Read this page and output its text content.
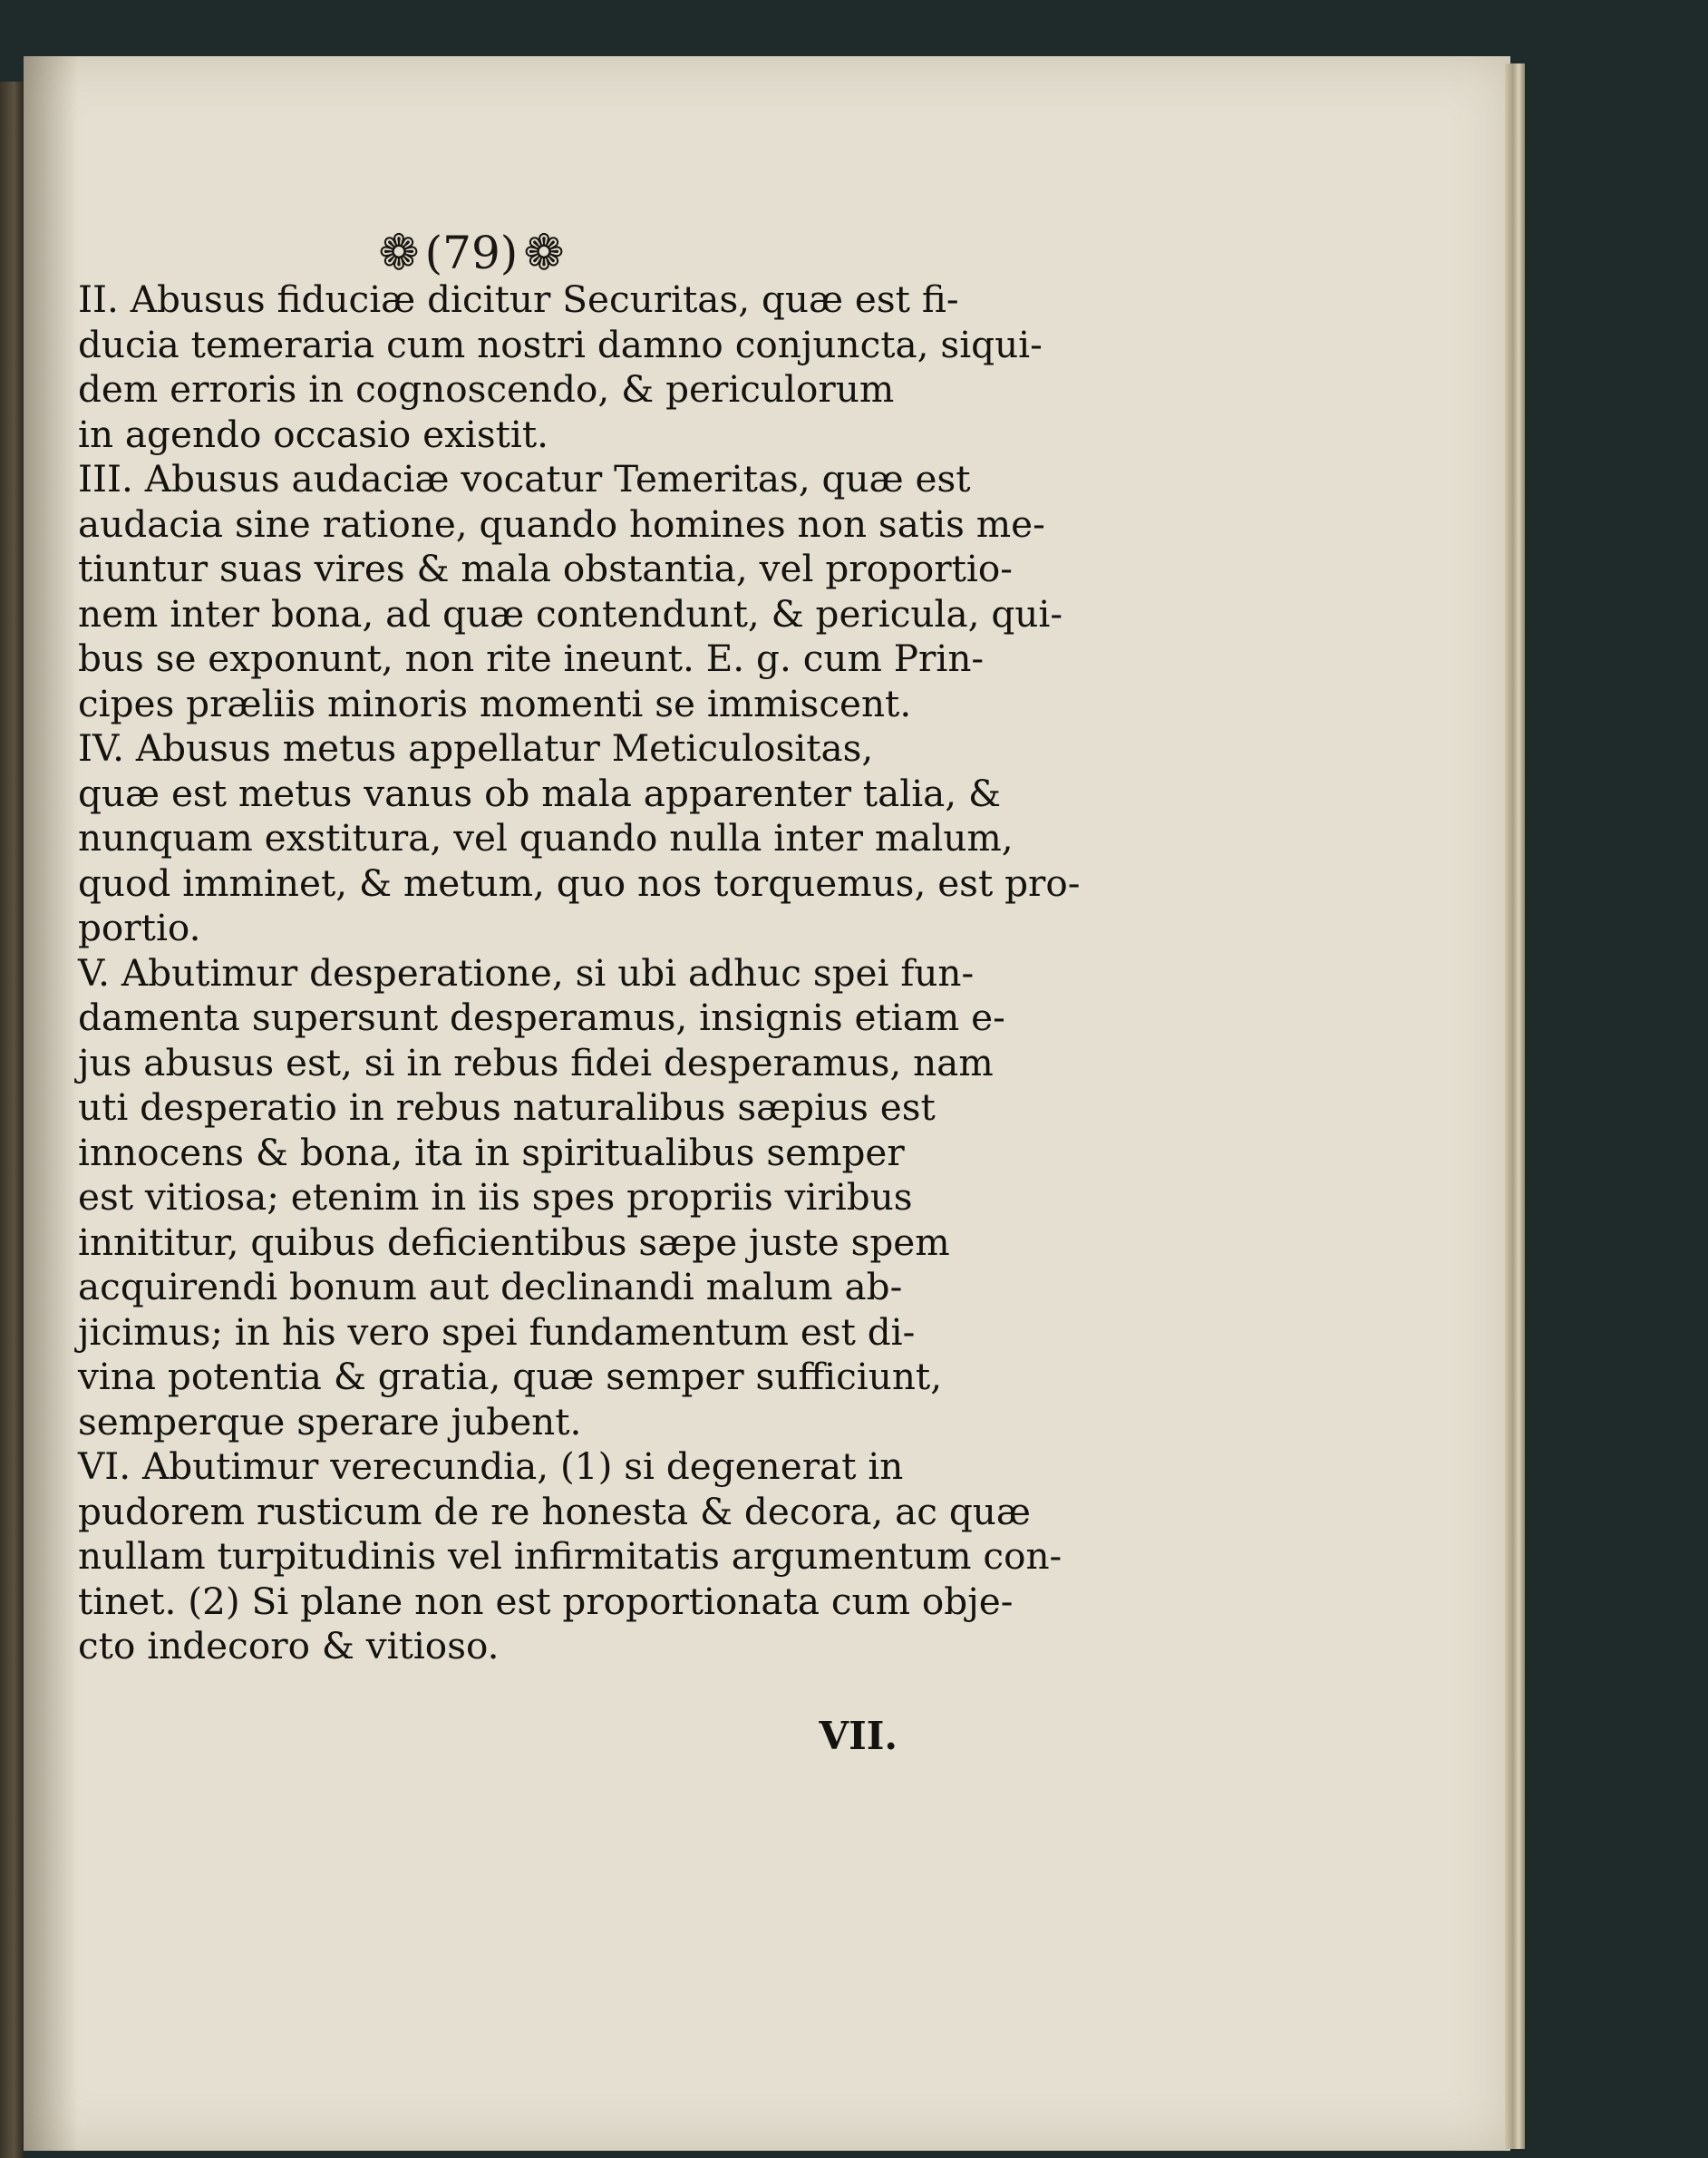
❁ (79) ❁
II. Abusus fiduciæ dicitur Securitas, quæ est fi-
ducia temeraria cum nostri damno conjuncta, siqui-
dem erroris in cognoscendo, & periculorum
in agendo occasio existit.
III. Abusus audaciæ vocatur Temeritas, quæ est
audacia sine ratione, quando homines non satis me-
tiuntur suas vires & mala obstantia, vel proportio-
nem inter bona, ad quæ contendunt, & pericula, qui-
bus se exponunt, non rite ineunt. E. g. cum Prin-
cipes præliis minoris momenti se immiscent.
IV. Abusus metus appellatur Meticulositas,
quæ est metus vanus ob mala apparenter talia, &
nunquam exstitura, vel quando nulla inter malum,
quod imminet, & metum, quo nos torquemus, est pro-
portio.
V. Abutimur desperatione, si ubi adhuc spei fun-
damenta supersunt desperamus, insignis etiam e-
jus abusus est, si in rebus fidei desperamus, nam
uti desperatio in rebus naturalibus sæpius est
innocens & bona, ita in spiritualibus semper
est vitiosa; etenim in iis spes propriis viribus
innititur, quibus deficientibus sæpe juste spem
acquirendi bonum aut declinandi malum ab-
jicimus; in his vero spei fundamentum est di-
vina potentia & gratia, quæ semper sufficiunt,
semperque sperare jubent.
VI. Abutimur verecundia, (1) si degenerat in
pudorem rusticum de re honesta & decora, ac quæ
nullam turpitudinis vel infirmitatis argumentum con-
tinet. (2) Si plane non est proportionata cum obje-
cto indecoro & vitioso.
VII.
